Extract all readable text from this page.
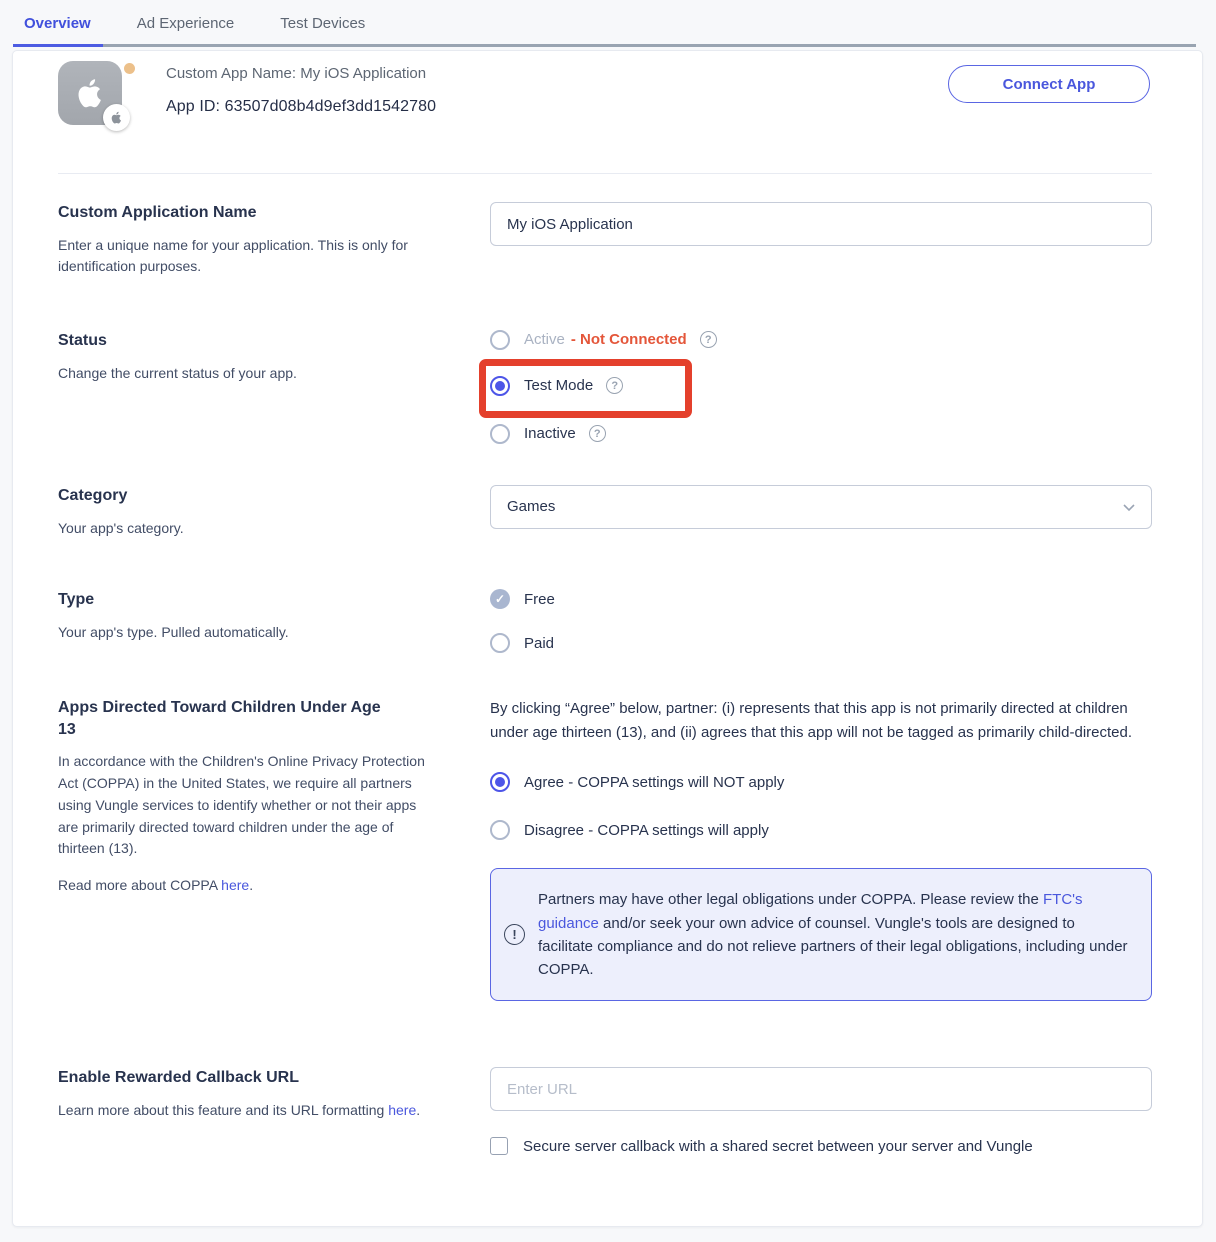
Overview	Ad Experience	Test Devices
Custom App Name: My iOS Application
App ID: 63507d08b4d9ef3dd1542780
Connect App
Custom Application Name
Enter a unique name for your application. This is only for identification purposes.
My iOS Application
Status
Change the current status of your app.
Active - Not Connected	?
Test Mode	?
Inactive	?
Category
Your app's category.
Games
Type
Your app's type. Pulled automatically.
✓	Free
Paid
Apps Directed Toward Children Under Age 13
In accordance with the Children's Online Privacy Protection Act (COPPA) in the United States, we require all partners using Vungle services to identify whether or not their apps are primarily directed toward children under the age of thirteen (13).
Read more about COPPA here.

By clicking “Agree” below, partner: (i) represents that this app is not primarily directed at children under age thirteen (13), and (ii) agrees that this app will not be tagged as primarily child-directed.

Agree - COPPA settings will NOT apply
Disagree - COPPA settings will apply
!
Partners may have other legal obligations under COPPA. Please review the FTC's guidance and/or seek your own advice of counsel. Vungle's tools are designed to facilitate compliance and do not relieve partners of their legal obligations, including under COPPA.
Enable Rewarded Callback URL
Learn more about this feature and its URL formatting here.
Enter URL
Secure server callback with a shared secret between your server and Vungle
